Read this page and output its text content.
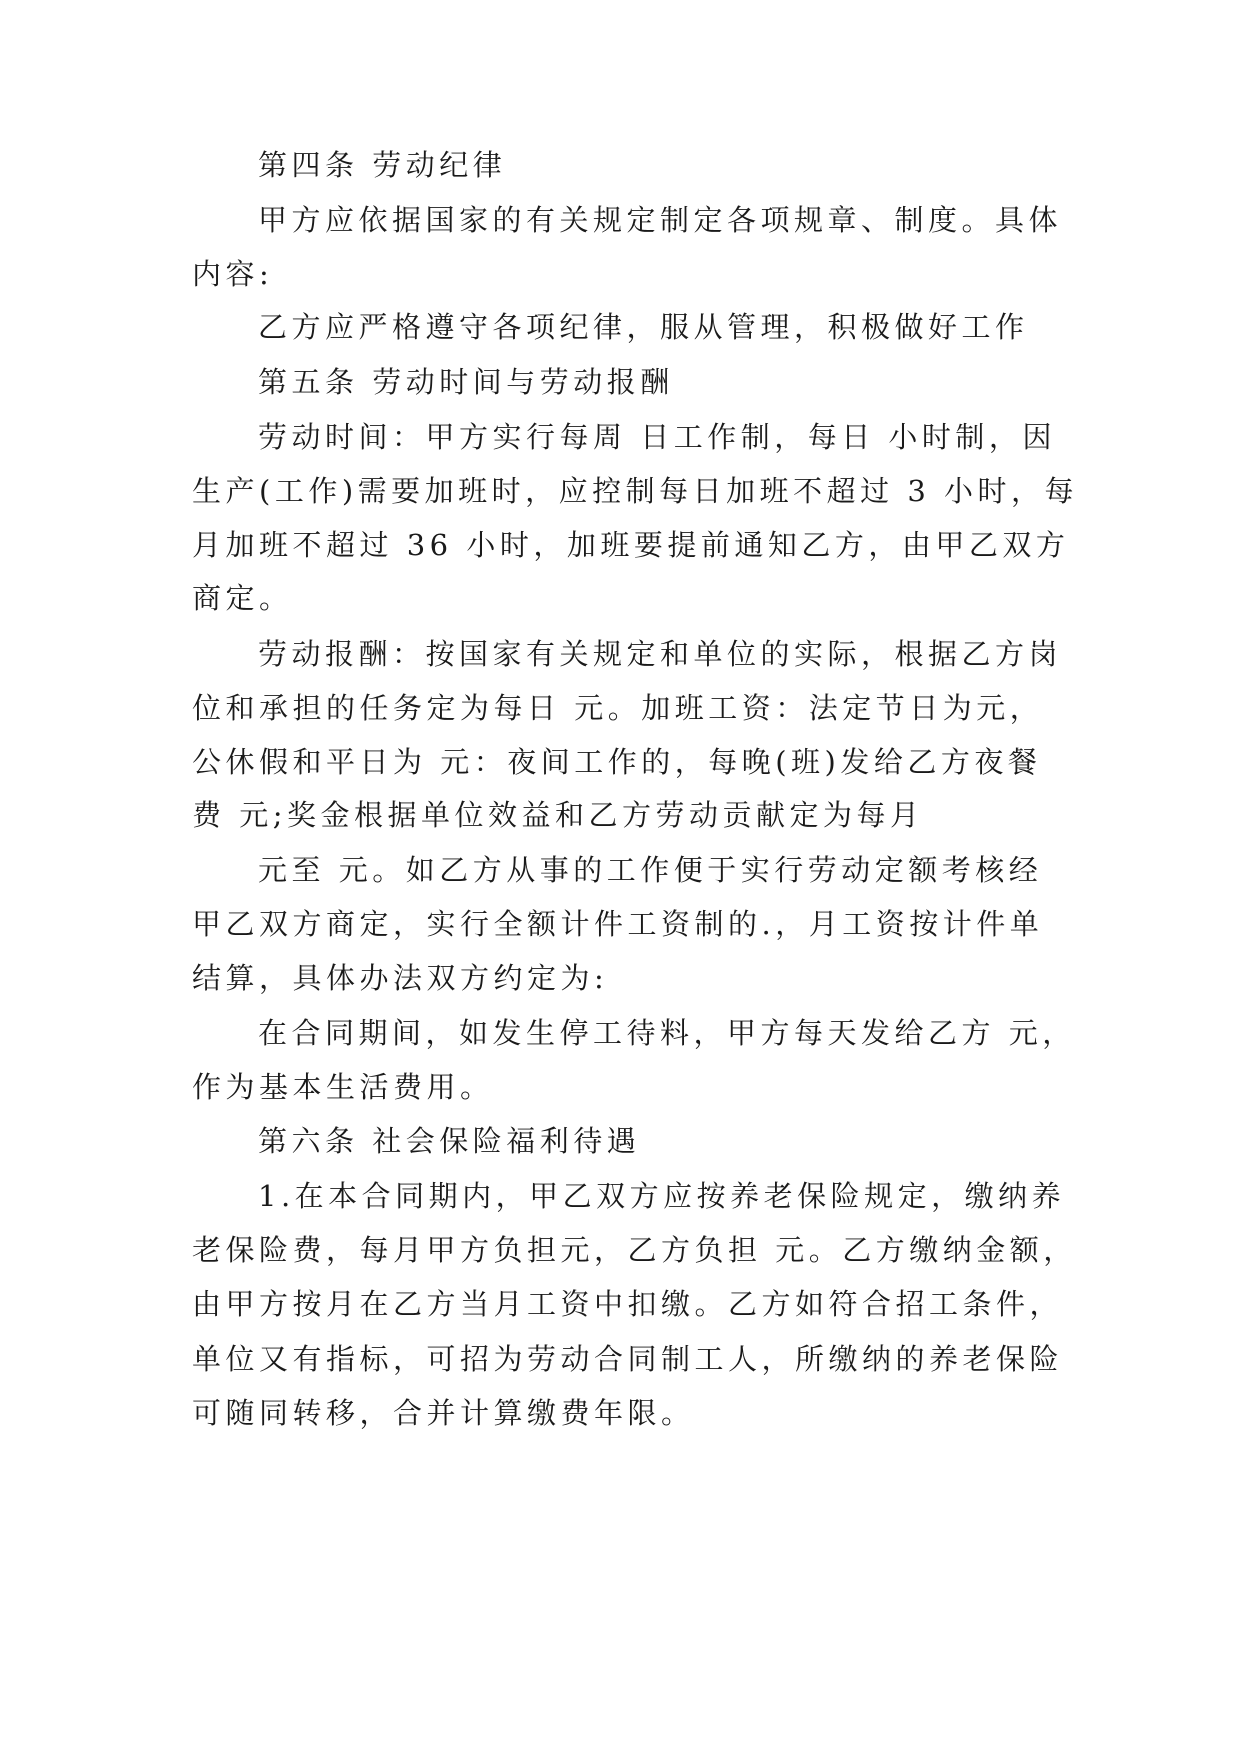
第四条 劳动纪律
甲方应依据国家的有关规定制定各项规章、制度。具体
内容:
乙方应严格遵守各项纪律，服从管理，积极做好工作
第五条 劳动时间与劳动报酬
劳动时间：甲方实行每周 日工作制，每日 小时制，因
生产(工作)需要加班时，应控制每日加班不超过 3 小时，每
月加班不超过 36 小时，加班要提前通知乙方，由甲乙双方
商定。
劳动报酬：按国家有关规定和单位的实际，根据乙方岗
位和承担的任务定为每日 元。加班工资：法定节日为元，
公休假和平日为 元：夜间工作的，每晚(班)发给乙方夜餐
费 元;奖金根据单位效益和乙方劳动贡献定为每月
元至 元。如乙方从事的工作便于实行劳动定额考核经
甲乙双方商定，实行全额计件工资制的.，月工资按计件单
结算，具体办法双方约定为:
在合同期间，如发生停工待料，甲方每天发给乙方 元，
作为基本生活费用。
第六条 社会保险福利待遇
1.在本合同期内，甲乙双方应按养老保险规定，缴纳养
老保险费，每月甲方负担元，乙方负担 元。乙方缴纳金额，
由甲方按月在乙方当月工资中扣缴。乙方如符合招工条件，
单位又有指标，可招为劳动合同制工人，所缴纳的养老保险
可随同转移，合并计算缴费年限。
